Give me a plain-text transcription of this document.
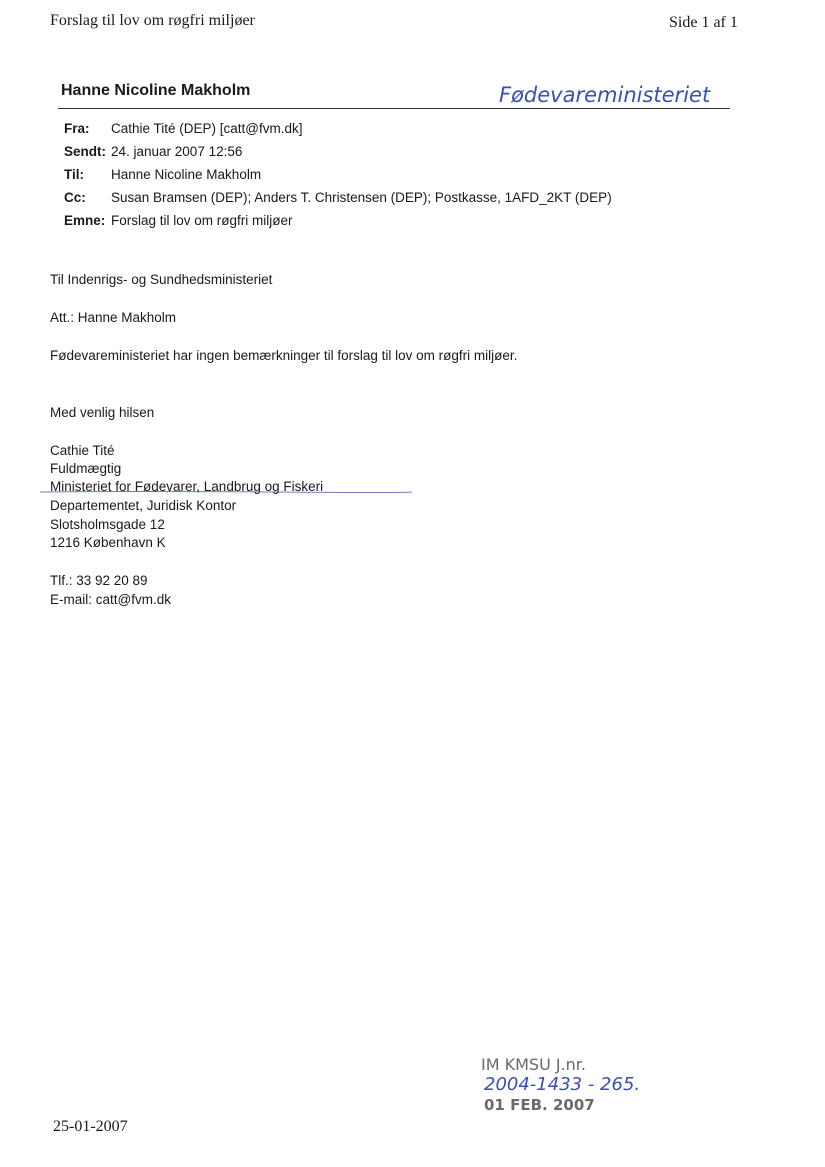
Forslag til lov om røgfri miljøer	Side 1 af 1
Hanne Nicoline Makholm	Fødevareministeriet
Fra: Cathie Tité (DEP) [catt@fvm.dk]
Sendt: 24. januar 2007 12:56
Til: Hanne Nicoline Makholm
Cc: Susan Bramsen (DEP); Anders T. Christensen (DEP); Postkasse, 1AFD_2KT (DEP)
Emne: Forslag til lov om røgfri miljøer
Til Indenrigs- og Sundhedsministeriet
Att.: Hanne Makholm
Fødevareministeriet har ingen bemærkninger til forslag til lov om røgfri miljøer.
Med venlig hilsen
Cathie Tité
Fuldmægtig
Ministeriet for Fødevarer, Landbrug og Fiskeri
Departementet, Juridisk Kontor
Slotsholmsgade 12
1216 København K
Tlf.: 33 92 20 89
E-mail: catt@fvm.dk
IM KMSU J.nr.
2004-1433 - 265.
01 FEB. 2007
25-01-2007
